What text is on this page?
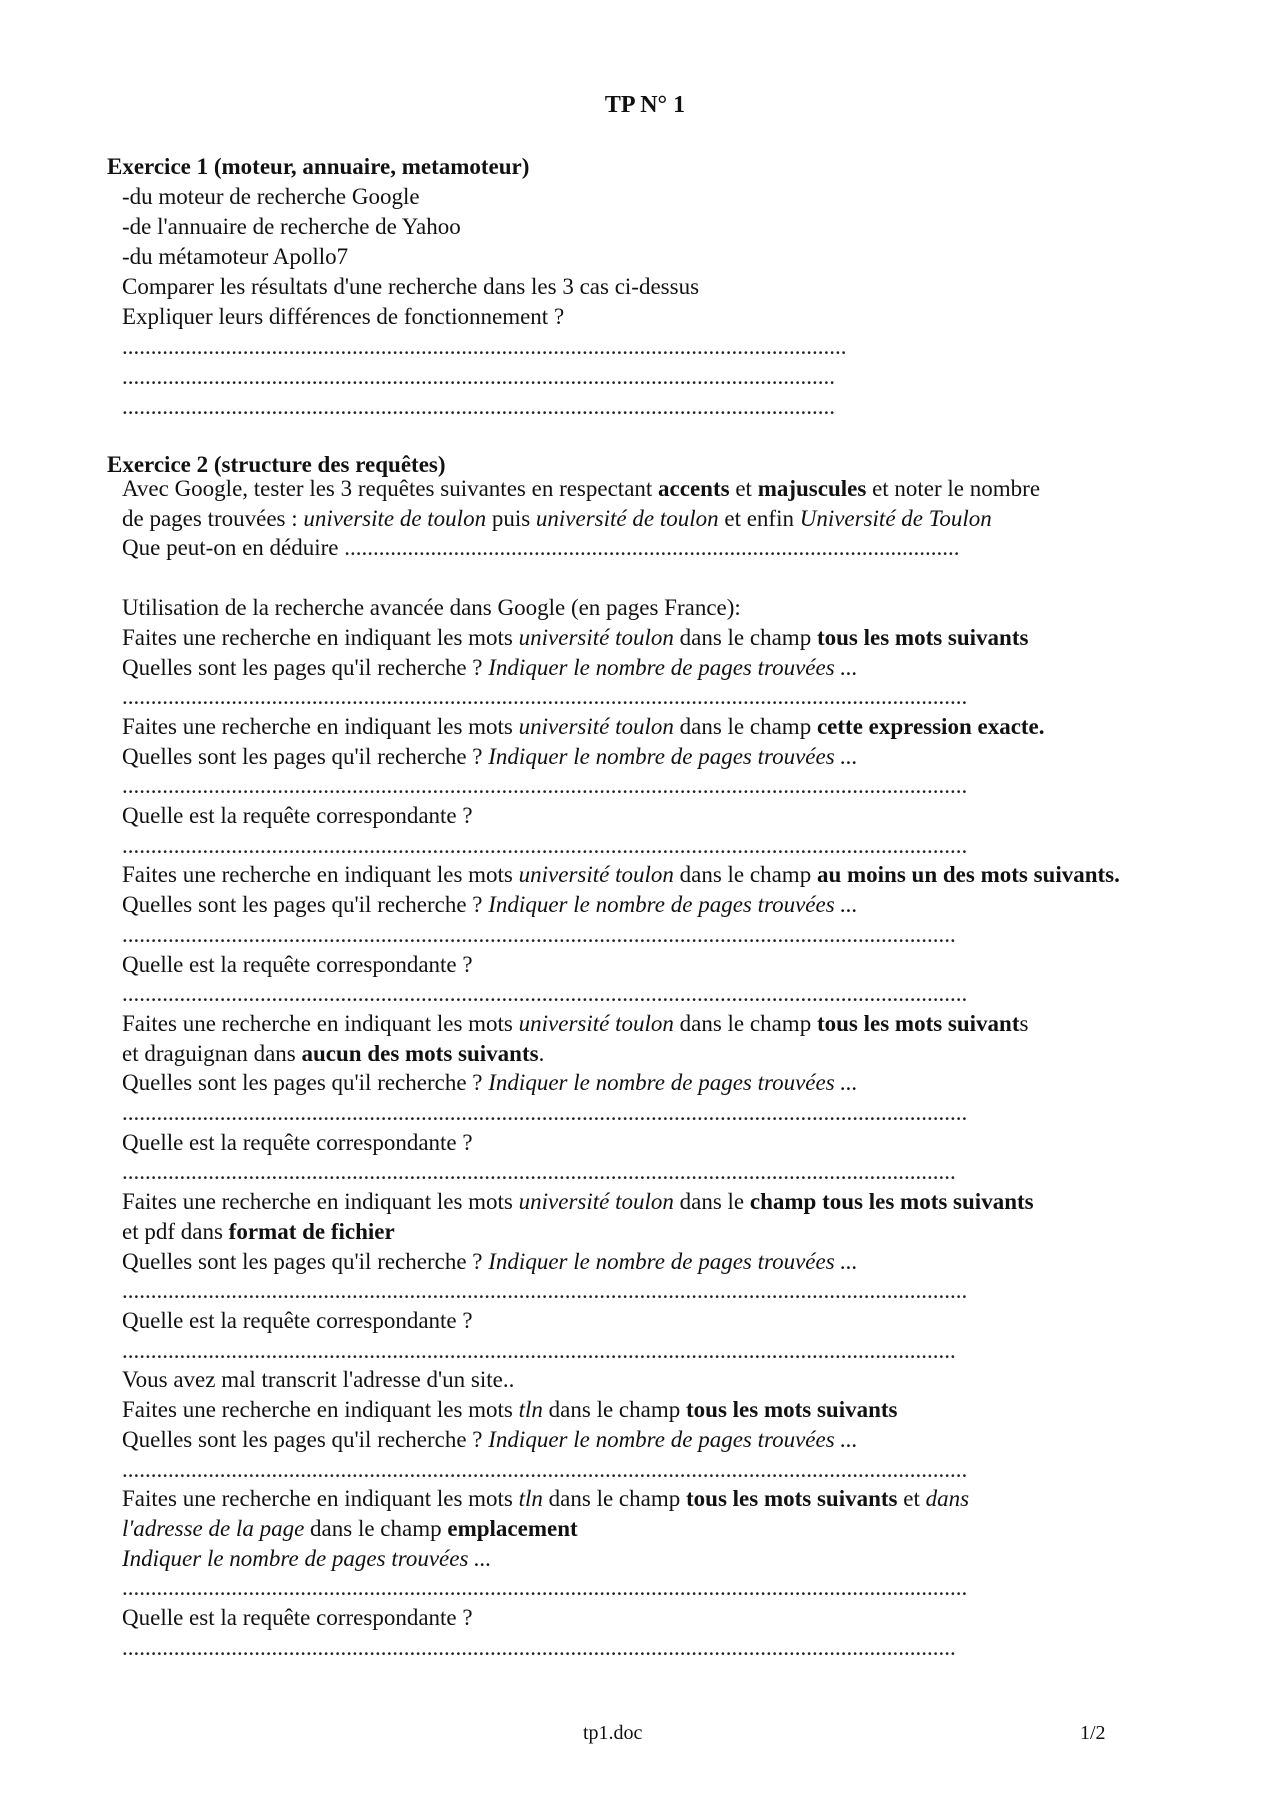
TP N° 1
Exercice 1 (moteur, annuaire, metamoteur)
-du moteur de recherche Google
-de l'annuaire de recherche de Yahoo
-du métamoteur Apollo7
Comparer les résultats d'une recherche dans les 3 cas ci-dessus
Expliquer leurs différences de fonctionnement ?
..............................................................................................................................
............................................................................................................................
............................................................................................................................
Exercice 2 (structure des requêtes)
Avec Google, tester les 3 requêtes suivantes en respectant accents et majuscules et noter le nombre
de pages trouvées : universite de toulon puis université de toulon et enfin Université de Toulon
Que peut-on en déduire ...........................................................................................................
Utilisation de la recherche avancée dans Google (en pages France):
Faites une recherche en indiquant les mots université toulon dans le champ tous les mots suivants
Quelles sont les pages qu'il recherche ? Indiquer le nombre de pages trouvées ...
...................................................................................................................................................
Faites une recherche en indiquant les mots université toulon dans le champ cette expression exacte.
Quelles sont les pages qu'il recherche ? Indiquer le nombre de pages trouvées ...
...................................................................................................................................................
Quelle est la requête correspondante ?
...................................................................................................................................................
Faites une recherche en indiquant les mots université toulon dans le champ au moins un des mots suivants.
Quelles sont les pages qu'il recherche ? Indiquer le nombre de pages trouvées ...
.................................................................................................................................................
Quelle est la requête correspondante ?
...................................................................................................................................................
Faites une recherche en indiquant les mots université toulon dans le champ tous les mots suivants
et draguignan dans aucun des mots suivants.
Quelles sont les pages qu'il recherche ? Indiquer le nombre de pages trouvées ...
...................................................................................................................................................
Quelle est la requête correspondante ?
.................................................................................................................................................
Faites une recherche en indiquant les mots université toulon dans le champ tous les mots suivants
et pdf dans format de fichier
Quelles sont les pages qu'il recherche ? Indiquer le nombre de pages trouvées ...
...................................................................................................................................................
Quelle est la requête correspondante ?
.................................................................................................................................................
Vous avez mal transcrit l'adresse d'un site..
Faites une recherche en indiquant les mots tln dans le champ tous les mots suivants
Quelles sont les pages qu'il recherche ? Indiquer le nombre de pages trouvées ...
...................................................................................................................................................
Faites une recherche en indiquant les mots tln dans le champ tous les mots suivants et dans
l'adresse de la page dans le champ emplacement
Indiquer le nombre de pages trouvées ...
...................................................................................................................................................
Quelle est la requête correspondante ?
.................................................................................................................................................
tp1.doc	1/2
